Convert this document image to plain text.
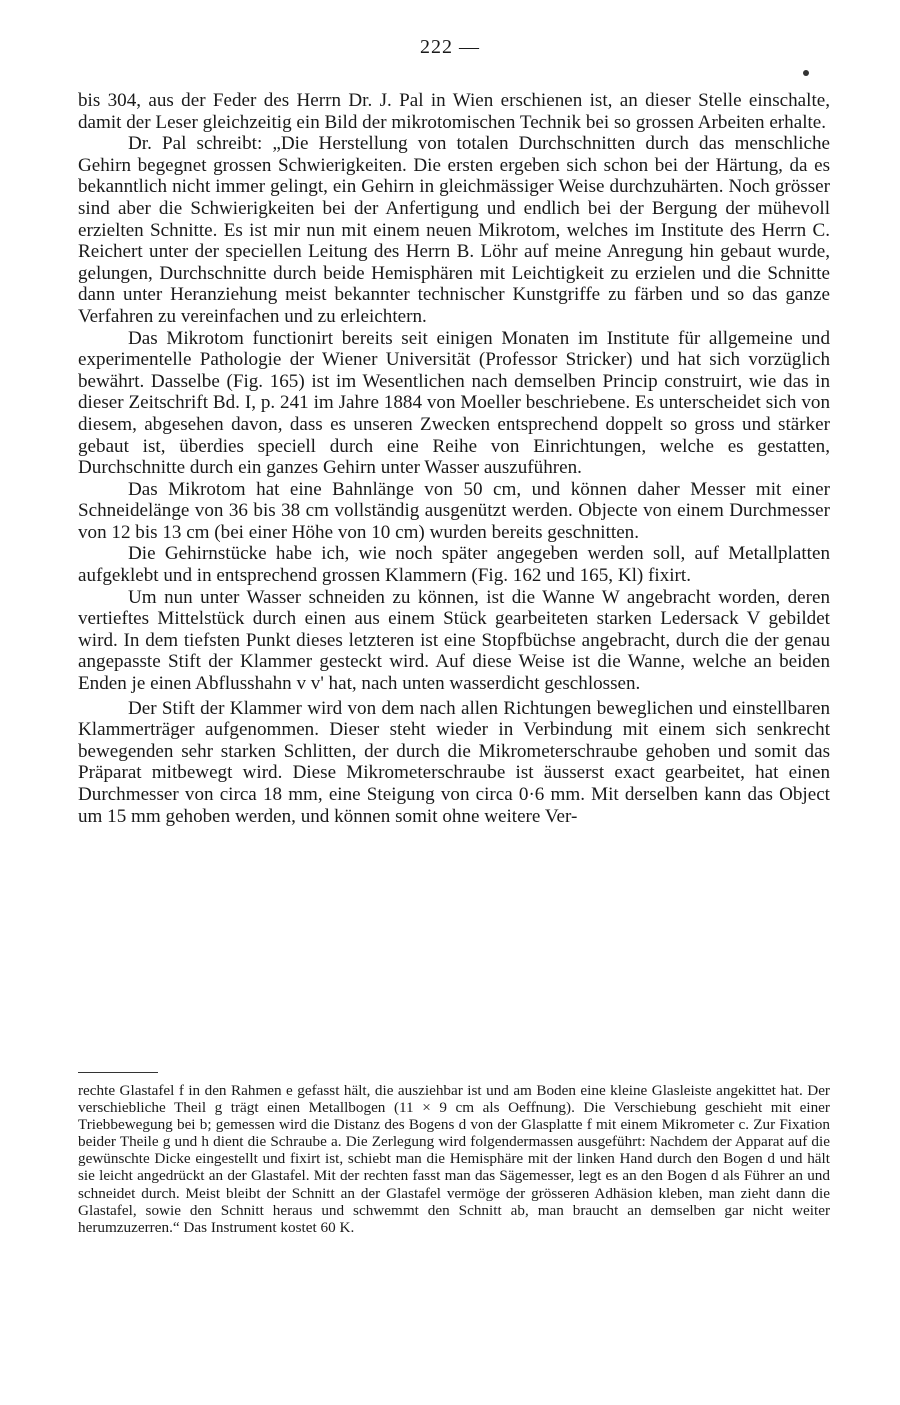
222 —

bis 304, aus der Feder des Herrn Dr. J. Pal in Wien erschienen ist, an dieser Stelle einschalte, damit der Leser gleichzeitig ein Bild der mikrotomischen Technik bei so grossen Arbeiten erhalte.

Dr. Pal schreibt: „Die Herstellung von totalen Durchschnitten durch das menschliche Gehirn begegnet grossen Schwierigkeiten. Die ersten ergeben sich schon bei der Härtung, da es bekanntlich nicht immer gelingt, ein Gehirn in gleichmässiger Weise durchzuhärten. Noch grösser sind aber die Schwierigkeiten bei der Anfertigung und endlich bei der Bergung der mühevoll erzielten Schnitte. Es ist mir nun mit einem neuen Mikrotom, welches im Institute des Herrn C. Reichert unter der speciellen Leitung des Herrn B. Löhr auf meine Anregung hin gebaut wurde, gelungen, Durchschnitte durch beide Hemisphären mit Leichtigkeit zu erzielen und die Schnitte dann unter Heranziehung meist bekannter technischer Kunstgriffe zu färben und so das ganze Verfahren zu vereinfachen und zu erleichtern.

Das Mikrotom functionirt bereits seit einigen Monaten im Institute für allgemeine und experimentelle Pathologie der Wiener Universität (Professor Stricker) und hat sich vorzüglich bewährt. Dasselbe (Fig. 165) ist im Wesentlichen nach demselben Princip construirt, wie das in dieser Zeitschrift Bd. I, p. 241 im Jahre 1884 von Moeller beschriebene. Es unterscheidet sich von diesem, abgesehen davon, dass es unseren Zwecken entsprechend doppelt so gross und stärker gebaut ist, überdies speciell durch eine Reihe von Einrichtungen, welche es gestatten, Durchschnitte durch ein ganzes Gehirn unter Wasser auszuführen.

Das Mikrotom hat eine Bahnlänge von 50 cm, und können daher Messer mit einer Schneidelänge von 36 bis 38 cm vollständig ausgenützt werden. Objecte von einem Durchmesser von 12 bis 13 cm (bei einer Höhe von 10 cm) wurden bereits geschnitten.

Die Gehirnstücke habe ich, wie noch später angegeben werden soll, auf Metallplatten aufgeklebt und in entsprechend grossen Klammern (Fig. 162 und 165, Kl) fixirt.

Um nun unter Wasser schneiden zu können, ist die Wanne W angebracht worden, deren vertieftes Mittelstück durch einen aus einem Stück gearbeiteten starken Ledersack V gebildet wird. In dem tiefsten Punkt dieses letzteren ist eine Stopfbüchse angebracht, durch die der genau angepasste Stift der Klammer gesteckt wird. Auf diese Weise ist die Wanne, welche an beiden Enden je einen Abflusshahn v v' hat, nach unten wasserdicht geschlossen.

Der Stift der Klammer wird von dem nach allen Richtungen beweglichen und einstellbaren Klammerträger aufgenommen. Dieser steht wieder in Verbindung mit einem sich senkrecht bewegenden sehr starken Schlitten, der durch die Mikrometerschraube gehoben und somit das Präparat mitbewegt wird. Diese Mikrometerschraube ist äusserst exact gearbeitet, hat einen Durchmesser von circa 18 mm, eine Steigung von circa 0·6 mm. Mit derselben kann das Object um 15 mm gehoben werden, und können somit ohne weitere Ver-

rechte Glastafel f in den Rahmen e gefasst hält, die ausziehbar ist und am Boden eine kleine Glasleiste angekittet hat. Der verschiebliche Theil g trägt einen Metallbogen (11 × 9 cm als Oeffnung). Die Verschiebung geschieht mit einer Triebbewegung bei b; gemessen wird die Distanz des Bogens d von der Glasplatte f mit einem Mikrometer c. Zur Fixation beider Theile g und h dient die Schraube a. Die Zerlegung wird folgendermassen ausgeführt: Nachdem der Apparat auf die gewünschte Dicke eingestellt und fixirt ist, schiebt man die Hemisphäre mit der linken Hand durch den Bogen d und hält sie leicht angedrückt an der Glastafel. Mit der rechten fasst man das Sägemesser, legt es an den Bogen d als Führer an und schneidet durch. Meist bleibt der Schnitt an der Glastafel vermöge der grösseren Adhäsion kleben, man zieht dann die Glastafel, sowie den Schnitt heraus und schwemmt den Schnitt ab, man braucht an demselben gar nicht weiter herumzuzerren.“ Das Instrument kostet 60 K.
